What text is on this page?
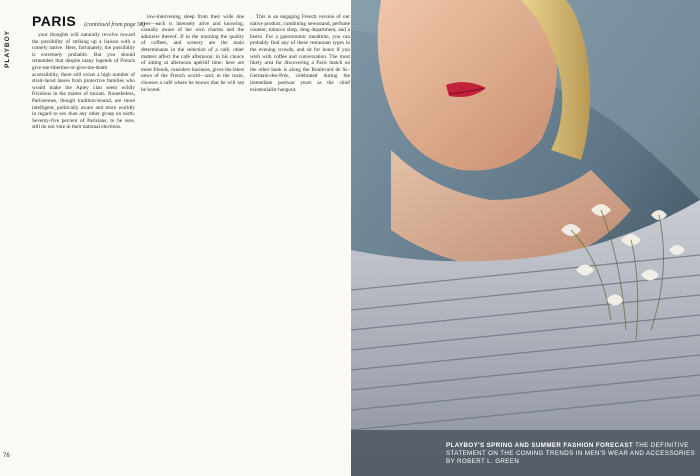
PLAYBOY
PARIS (continued from page 56)

your thoughts will naturally revolve toward the possibility of striking up a liaison with a comely native. Here, fortunately, the possibility is extremely probable. But you should remember that despite many legends of French give-me-libertine-or-give-me-death accessibility, there still exists a high number of strait-laced lasses from protective families who would make the Apley clan seem wildly frivolous in the matter of morals. Nonetheless, Parisiennes, though tradition-bound, are more intelligent, politically aware and more worldly in regard to sex than any other group on earth. Seventy-five percent of Parisians, to be sure, still do not vote in their national elections.

low-intervening sleep from their wide doe eyes—each is intensely alive and knowing, casually aware of her own charms and the admirers thereof. If in the morning the quality of coffees, and scenery are the main determinants in the selection of a café, other matters affect the café afternoon: in his choice of sitting at afternoon apéritif time: here are more friends, considers business, gives the latest news of the French world—and, in the main, chooses a café where he knows that he will not be bored.

This is an engaging French version of our native product, combining newsstand, perfume counter, tobacco shop, drug department, and a bistro. For a gastronomic mealtime, you can probably find any of these restaurant types in the evening crowds, and sit for hours if you wish with coffee and conversation. The most likely area for discovering a Paris match on the other bank is along the Boulevard de St.-Germain-des-Prés, celebrated during the immediate postwar years as the chief existentialist hangout.

76
PLAYBOY'S SPRING AND SUMMER FASHION FORECAST THE DEFINITIVE STATEMENT ON THE COMING TRENDS IN MEN'S WEAR AND ACCESSORIES BY ROBERT L. GREEN
